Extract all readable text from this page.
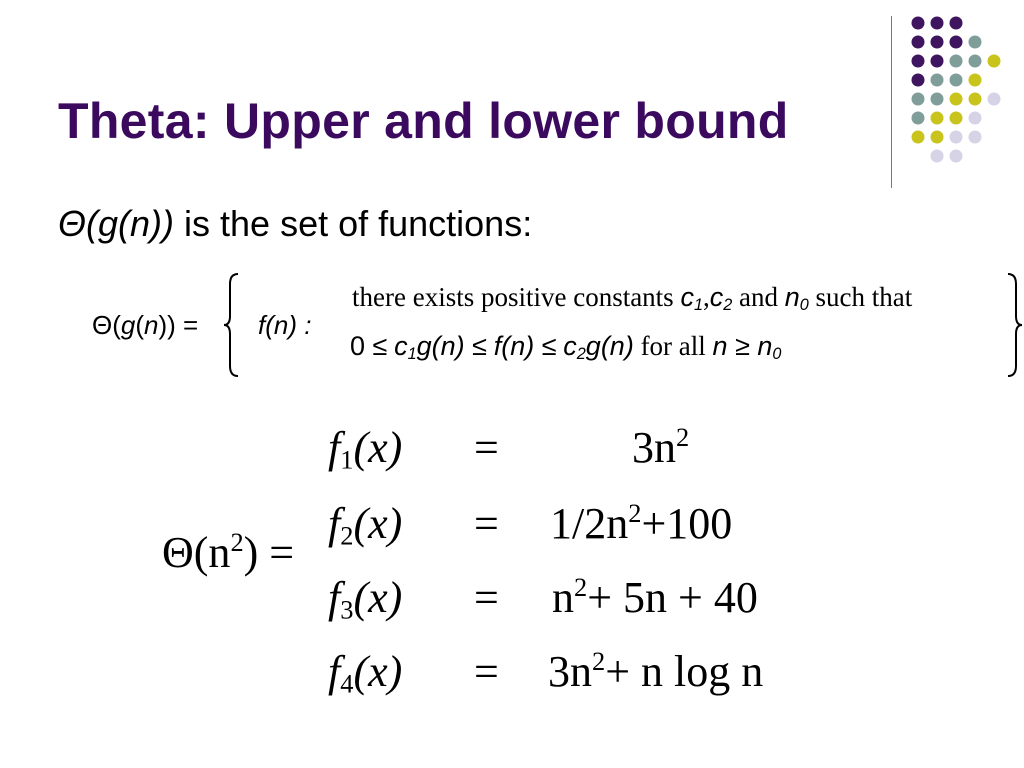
Theta: Upper and lower bound
Θ(g(n)) is the set of functions:
Θ(g(n)) = f(n) :
there exists positive constants $c_1,c_2$ and $n_0$ such that
$0 \le c_1g(n) \le f(n) \le c_2g(n)$ for all $n \ge n_0$
$\Theta(n^2)$ =
$f_1(x)$ =	$3n^2$
$f_2(x) = 1/2n^2+100$
$f_3(x) = n^2+ 5n + 40$
$f_4(x) = 3n^2+ n$ log n
